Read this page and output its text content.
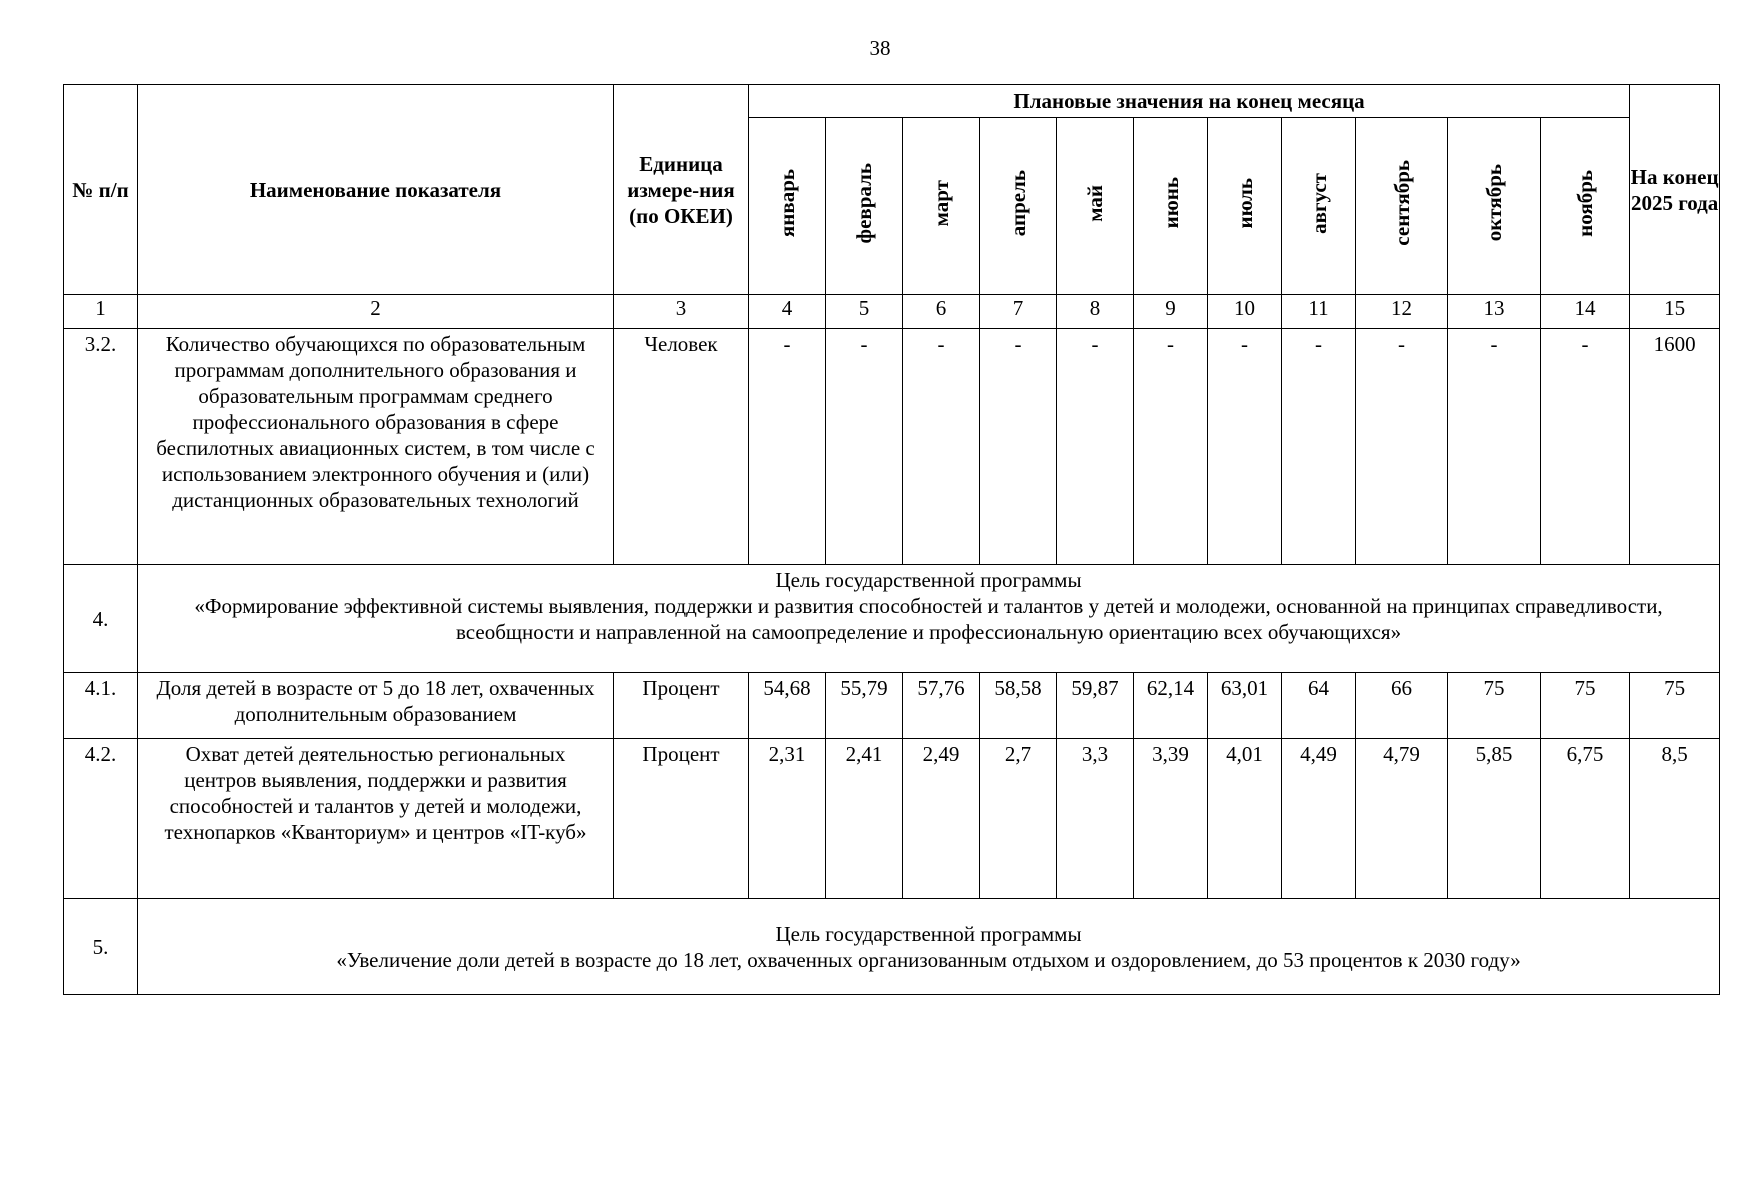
38
№ п/п	Наименование показателя	Единица измере-ния (по ОКЕИ)	Плановые значения на конец месяца											На конец 2025 года
			январь	февраль	март	апрель	май	июнь	июль	август	сентябрь	октябрь	ноябрь	
1	2	3	4	5	6	7	8	9	10	11	12	13	14	15
3.2.	Количество обучающихся по образовательным программам дополнительного образования и образовательным программам среднего профессионального образования в сфере беспилотных авиационных систем, в том числе с использованием электронного обучения и (или) дистанционных образовательных технологий	Человек	-	-	-	-	-	-	-	-	-	-	-	1600
4.	Цель государственной программы
«Формирование эффективной системы выявления, поддержки и развития способностей и талантов у детей и молодежи, основанной на принципах справедливости, всеобщности и направленной на самоопределение и профессиональную ориентацию всех обучающихся»													

4.1.	Доля детей в возрасте от 5 до 18 лет, охваченных дополнительным образованием	Процент	54,68	55,79	57,76	58,58	59,87	62,14	63,01	64	66	75	75	75
4.2.	Охват детей деятельностью региональных центров выявления, поддержки и развития способностей и талантов у детей и молодежи, технопарков «Кванториум» и центров «IT-куб»	Процент	2,31	2,41	2,49	2,7	3,3	3,39	4,01	4,49	4,79	5,85	6,75	8,5
5.	Цель государственной программы
«Увеличение доли детей в возрасте до 18 лет, охваченных организованным отдыхом и оздоровлением, до 53 процентов к 2030 году»													
